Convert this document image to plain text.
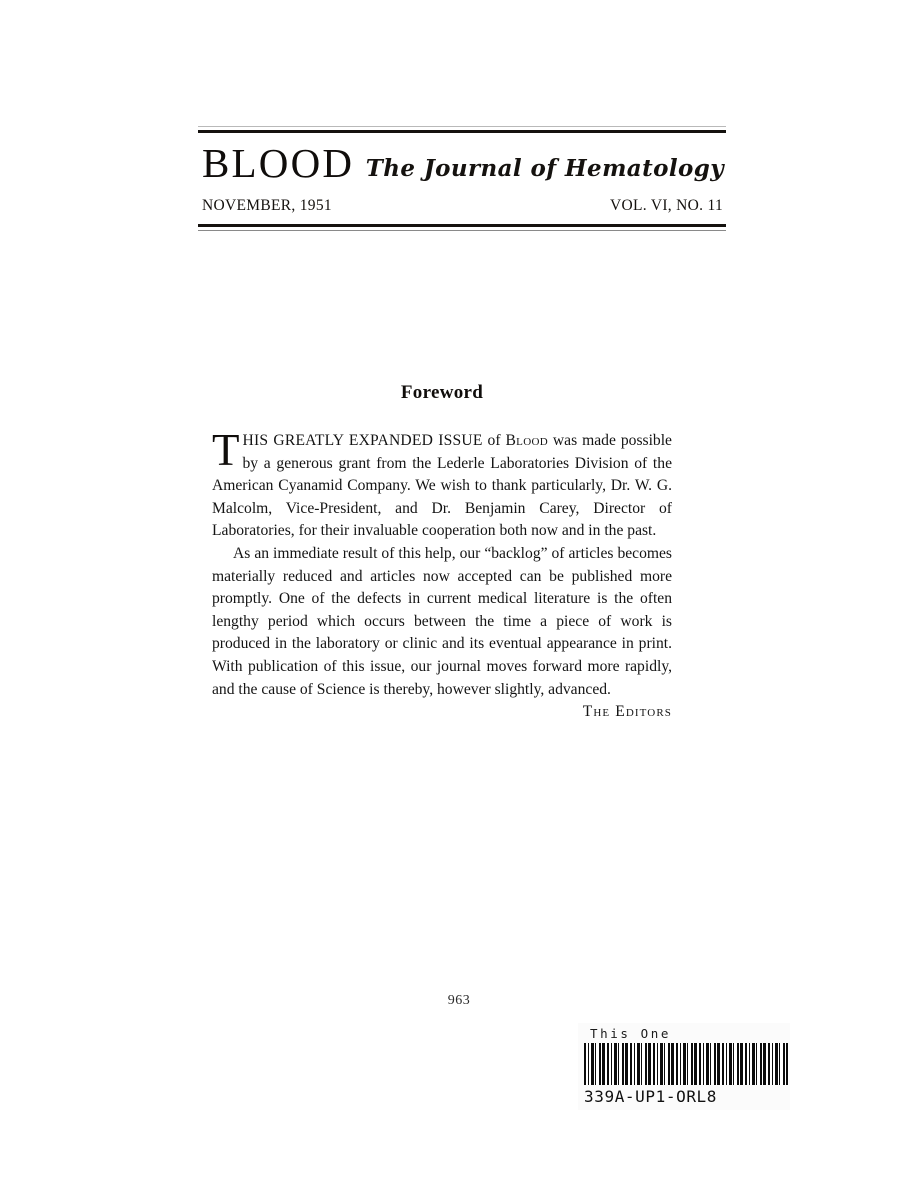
BLOOD The Journal of Hematology
NOVEMBER, 1951	VOL. VI, NO. 11
Foreword

THIS GREATLY EXPANDED ISSUE of Blood was made possible by a generous grant from the Lederle Laboratories Division of the American Cyanamid Company. We wish to thank particularly, Dr. W. G. Malcolm, Vice-President, and Dr. Benjamin Carey, Director of Laboratories, for their invaluable cooperation both now and in the past.

As an immediate result of this help, our “backlog” of articles becomes materially reduced and articles now accepted can be published more promptly. One of the defects in current medical literature is the often lengthy period which occurs between the time a piece of work is produced in the laboratory or clinic and its eventual appearance in print. With publication of this issue, our journal moves forward more rapidly, and the cause of Science is thereby, however slightly, advanced.

The Editors
963
This One
339A-UP1-ORL8
